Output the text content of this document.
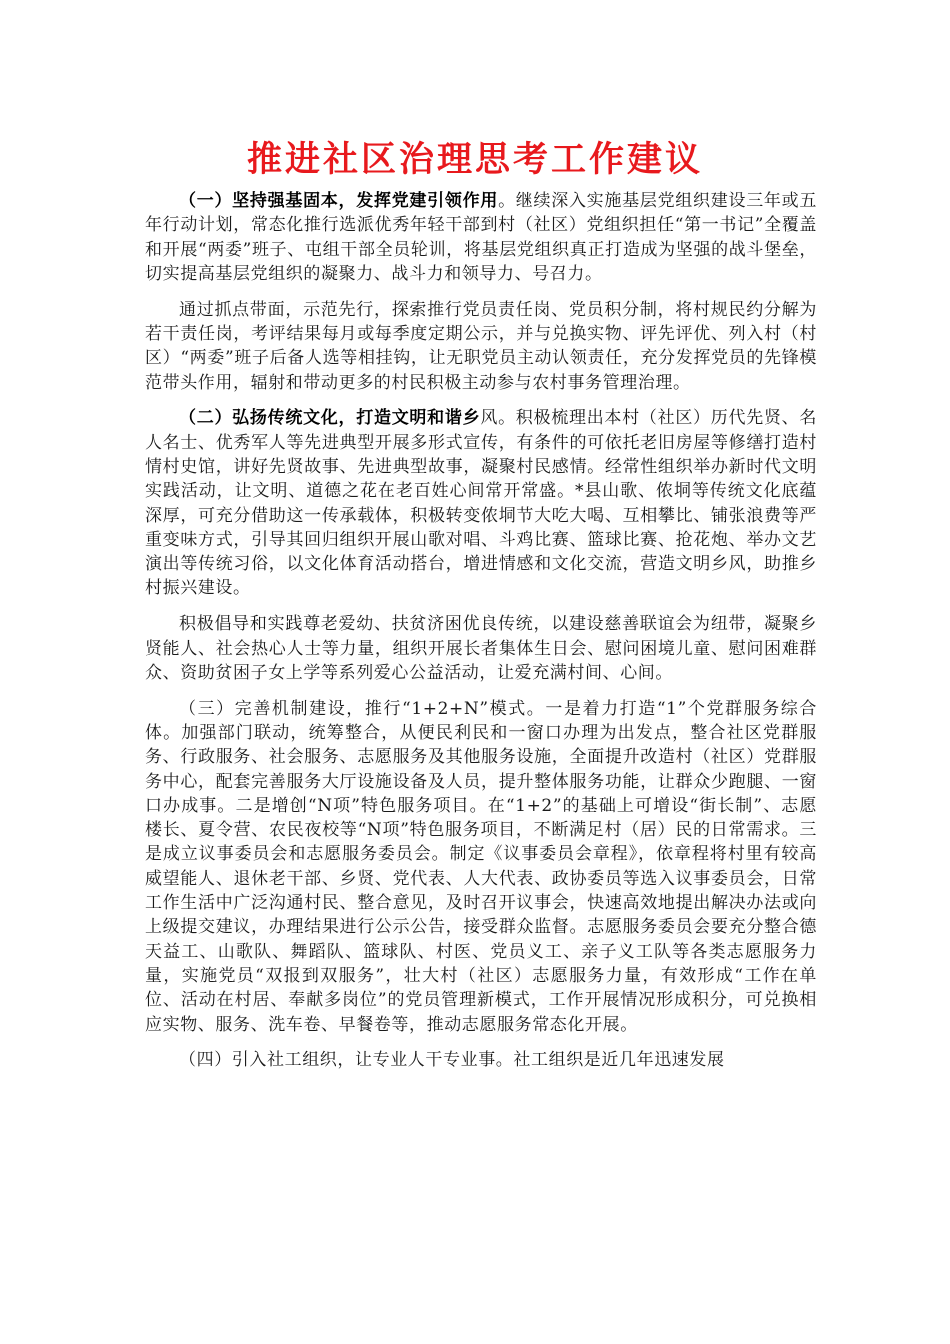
推进社区治理思考工作建议

（一）坚持强基固本，发挥党建引领作用。继续深入实施基层党组织建设三年或五年行动计划，常态化推行选派优秀年轻干部到村（社区）党组织担任“第一书记”全覆盖和开展“两委”班子、屯组干部全员轮训，将基层党组织真正打造成为坚强的战斗堡垒，切实提高基层党组织的凝聚力、战斗力和领导力、号召力。

通过抓点带面，示范先行，探索推行党员责任岗、党员积分制，将村规民约分解为若干责任岗，考评结果每月或每季度定期公示，并与兑换实物、评先评优、列入村（村区）“两委”班子后备人选等相挂钩，让无职党员主动认领责任，充分发挥党员的先锋模范带头作用，辐射和带动更多的村民积极主动参与农村事务管理治理。

（二）弘扬传统文化，打造文明和谐乡风。积极梳理出本村（社区）历代先贤、名人名士、优秀军人等先进典型开展多形式宣传，有条件的可依托老旧房屋等修缮打造村情村史馆，讲好先贤故事、先进典型故事，凝聚村民感情。经常性组织举办新时代文明实践活动，让文明、道德之花在老百姓心间常开常盛。*县山歌、侬垌等传统文化底蕴深厚，可充分借助这一传承载体，积极转变侬垌节大吃大喝、互相攀比、铺张浪费等严重变味方式，引导其回归组织开展山歌对唱、斗鸡比赛、篮球比赛、抢花炮、举办文艺演出等传统习俗，以文化体育活动搭台，增进情感和文化交流，营造文明乡风，助推乡村振兴建设。

积极倡导和实践尊老爱幼、扶贫济困优良传统，以建设慈善联谊会为纽带，凝聚乡贤能人、社会热心人士等力量，组织开展长者集体生日会、慰问困境儿童、慰问困难群众、资助贫困子女上学等系列爱心公益活动，让爱充满村间、心间。

（三）完善机制建设，推行“1+2+N”模式。一是着力打造“1”个党群服务综合体。加强部门联动，统筹整合，从便民利民和一窗口办理为出发点，整合社区党群服务、行政服务、社会服务、志愿服务及其他服务设施，全面提升改造村（社区）党群服务中心，配套完善服务大厅设施设备及人员，提升整体服务功能，让群众少跑腿、一窗口办成事。二是增创“N项”特色服务项目。在“1+2”的基础上可增设“街长制”、志愿楼长、夏令营、农民夜校等“N项”特色服务项目，不断满足村（居）民的日常需求。三是成立议事委员会和志愿服务委员会。制定《议事委员会章程》，依章程将村里有较高威望能人、退休老干部、乡贤、党代表、人大代表、政协委员等选入议事委员会，日常工作生活中广泛沟通村民、整合意见，及时召开议事会，快速高效地提出解决办法或向上级提交建议，办理结果进行公示公告，接受群众监督。志愿服务委员会要充分整合德天益工、山歌队、舞蹈队、篮球队、村医、党员义工、亲子义工队等各类志愿服务力量，实施党员“双报到双服务”，壮大村（社区）志愿服务力量，有效形成“工作在单位、活动在村居、奉献多岗位”的党员管理新模式，工作开展情况形成积分，可兑换相应实物、服务、洗车卷、早餐卷等，推动志愿服务常态化开展。

（四）引入社工组织，让专业人干专业事。社工组织是近几年迅速发展
